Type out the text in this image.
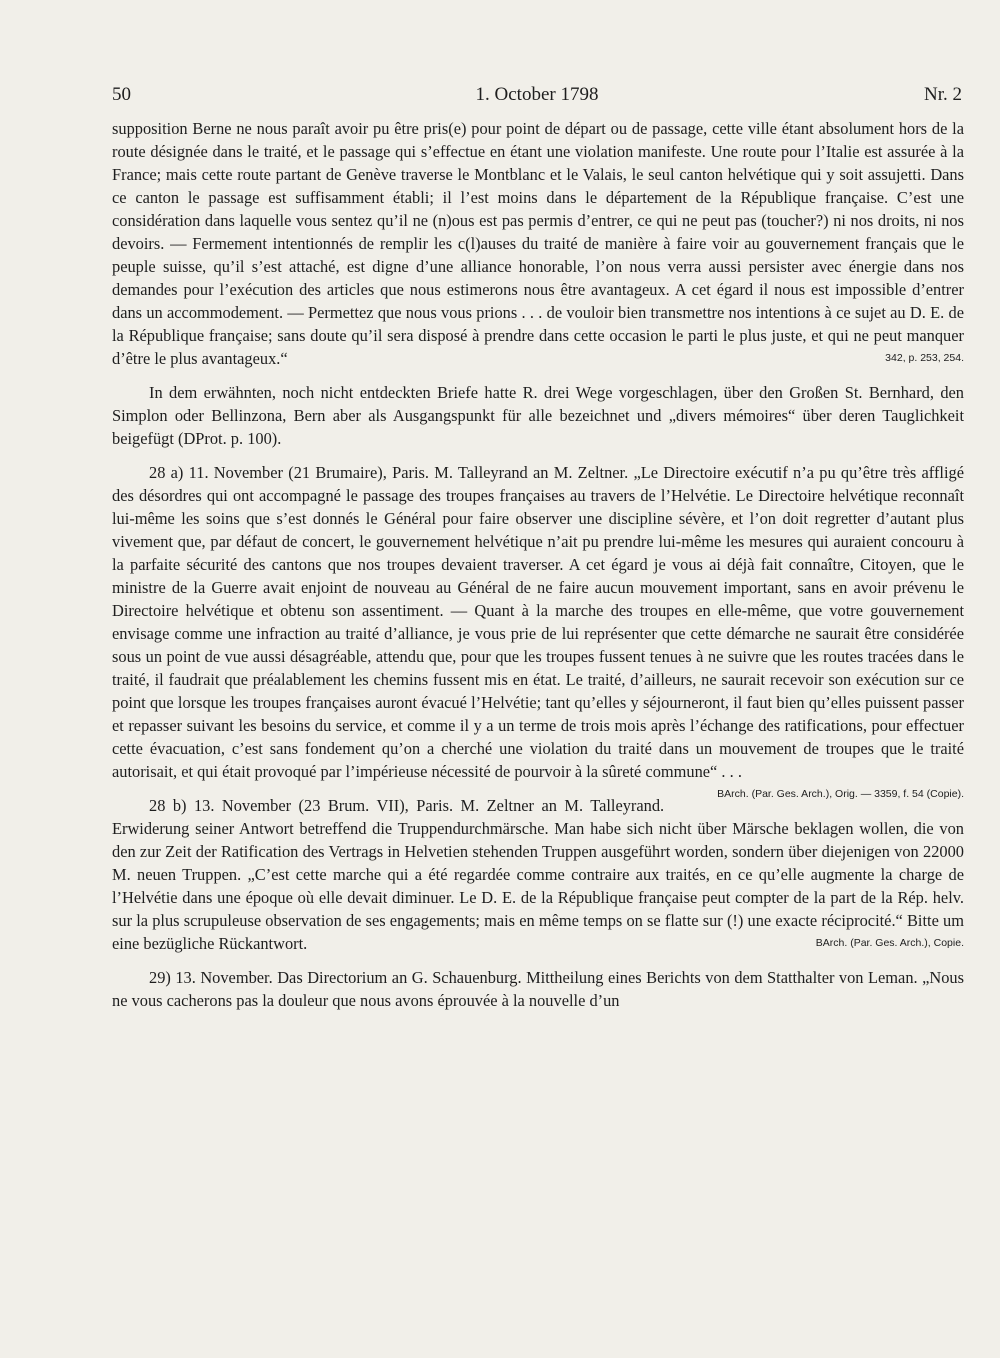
50	1. October 1798	Nr. 2

supposition Berne ne nous paraît avoir pu être pris(e) pour point de départ ou de passage, cette ville étant absolument hors de la route désignée dans le traité, et le passage qui s’effectue en étant une violation manifeste. Une route pour l’Italie est assurée à la France; mais cette route partant de Genève traverse le Montblanc et le Valais, le seul canton helvétique qui y soit assujetti. Dans ce canton le passage est suffisamment établi; il l’est moins dans le département de la République française. C’est une considération dans laquelle vous sentez qu’il ne (n)ous est pas permis d’entrer, ce qui ne peut pas (toucher?) ni nos droits, ni nos devoirs. — Fermement intentionnés de remplir les c(l)auses du traité de manière à faire voir au gouvernement français que le peuple suisse, qu’il s’est attaché, est digne d’une alliance honorable, l’on nous verra aussi persister avec énergie dans nos demandes pour l’exécution des articles que nous estimerons nous être avantageux. A cet égard il nous est impossible d’entrer dans un accommodement. — Permettez que nous vous prions . . . de vouloir bien transmettre nos intentions à ce sujet au D. E. de la République française; sans doute qu’il sera disposé à prendre dans cette occasion le parti le plus juste, et qui ne peut manquer d’être le plus avantageux.“	342, p. 253, 254.

In dem erwähnten, noch nicht entdeckten Briefe hatte R. drei Wege vorgeschlagen, über den Großen St. Bernhard, den Simplon oder Bellinzona, Bern aber als Ausgangspunkt für alle bezeichnet und „divers mémoires“ über deren Tauglichkeit beigefügt (DProt. p. 100).

28 a) 11. November (21 Brumaire), Paris. M. Talleyrand an M. Zeltner. „Le Directoire exécutif n’a pu qu’être très affligé des désordres qui ont accompagné le passage des troupes françaises au travers de l’Helvétie. Le Directoire helvétique reconnaît lui-même les soins que s’est donnés le Général pour faire observer une discipline sévère, et l’on doit regretter d’autant plus vivement que, par défaut de concert, le gouvernement helvétique n’ait pu prendre lui-même les mesures qui auraient concouru à la parfaite sécurité des cantons que nos troupes devaient traverser. A cet égard je vous ai déjà fait connaître, Citoyen, que le ministre de la Guerre avait enjoint de nouveau au Général de ne faire aucun mouvement important, sans en avoir prévenu le Directoire helvétique et obtenu son assentiment. — Quant à la marche des troupes en elle-même, que votre gouvernement envisage comme une infraction au traité d’alliance, je vous prie de lui représenter que cette démarche ne saurait être considérée sous un point de vue aussi désagréable, attendu que, pour que les troupes fussent tenues à ne suivre que les routes tracées dans le traité, il faudrait que préalablement les chemins fussent mis en état. Le traité, d’ailleurs, ne saurait recevoir son exécution sur ce point que lorsque les troupes françaises auront évacué l’Helvétie; tant qu’elles y séjourneront, il faut bien qu’elles puissent passer et repasser suivant les besoins du service, et comme il y a un terme de trois mois après l’échange des ratifications, pour effectuer cette évacuation, c’est sans fondement qu’on a cherché une violation du traité dans un mouvement de troupes que le traité autorisait, et qui était provoqué par l’impérieuse nécessité de pourvoir à la sûreté commune“ . . .
BArch. (Par. Ges. Arch.), Orig. — 3359, f. 54 (Copie).

28 b) 13. November (23 Brum. VII), Paris. M. Zeltner an M. Talleyrand. Erwiderung seiner Antwort betreffend die Truppendurchmärsche. Man habe sich nicht über Märsche beklagen wollen, die von den zur Zeit der Ratification des Vertrags in Helvetien stehenden Truppen ausgeführt worden, sondern über diejenigen von 22000 M. neuen Truppen. „C’est cette marche qui a été regardée comme contraire aux traités, en ce qu’elle augmente la charge de l’Helvétie dans une époque où elle devait diminuer. Le D. E. de la République française peut compter de la part de la Rép. helv. sur la plus scrupuleuse observation de ses engagements; mais en même temps on se flatte sur (!) une exacte réciprocité.“ Bitte um eine bezügliche Rückantwort.	BArch. (Par. Ges. Arch.), Copie.

29) 13. November. Das Directorium an G. Schauenburg. Mittheilung eines Berichts von dem Statthalter von Leman. „Nous ne vous cacherons pas la douleur que nous avons éprouvée à la nouvelle d’un
